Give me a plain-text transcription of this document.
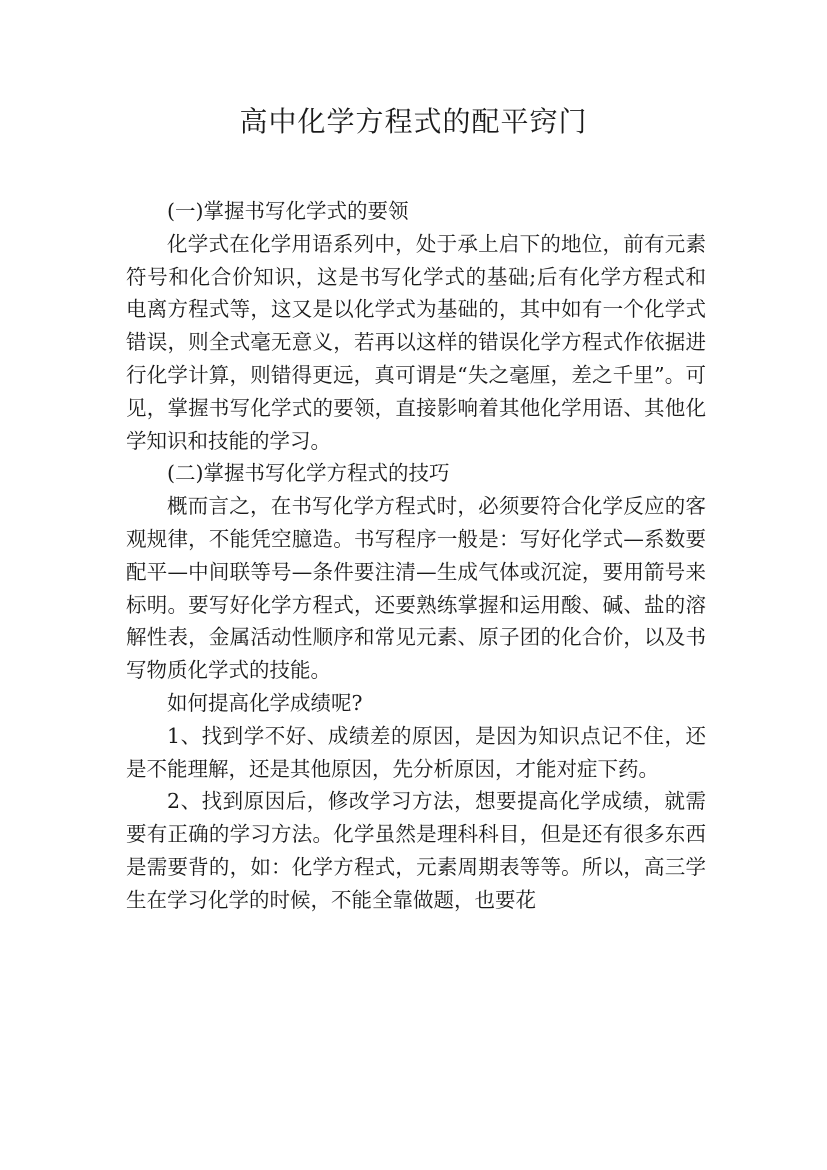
高中化学方程式的配平窍门

(一)掌握书写化学式的要领

化学式在化学用语系列中，处于承上启下的地位，前有元素符号和化合价知识，这是书写化学式的基础;后有化学方程式和电离方程式等，这又是以化学式为基础的，其中如有一个化学式错误，则全式毫无意义，若再以这样的错误化学方程式作依据进行化学计算，则错得更远，真可谓是“失之毫厘，差之千里”。可见，掌握书写化学式的要领，直接影响着其他化学用语、其他化学知识和技能的学习。

(二)掌握书写化学方程式的技巧

概而言之，在书写化学方程式时，必须要符合化学反应的客观规律，不能凭空臆造。书写程序一般是：写好化学式—系数要配平—中间联等号—条件要注清—生成气体或沉淀，要用箭号来标明。要写好化学方程式，还要熟练掌握和运用酸、碱、盐的溶解性表，金属活动性顺序和常见元素、原子团的化合价，以及书写物质化学式的技能。

如何提高化学成绩呢?

1、找到学不好、成绩差的原因，是因为知识点记不住，还是不能理解，还是其他原因，先分析原因，才能对症下药。

2、找到原因后，修改学习方法，想要提高化学成绩，就需要有正确的学习方法。化学虽然是理科科目，但是还有很多东西是需要背的，如：化学方程式，元素周期表等等。所以，高三学生在学习化学的时候，不能全靠做题，也要花
